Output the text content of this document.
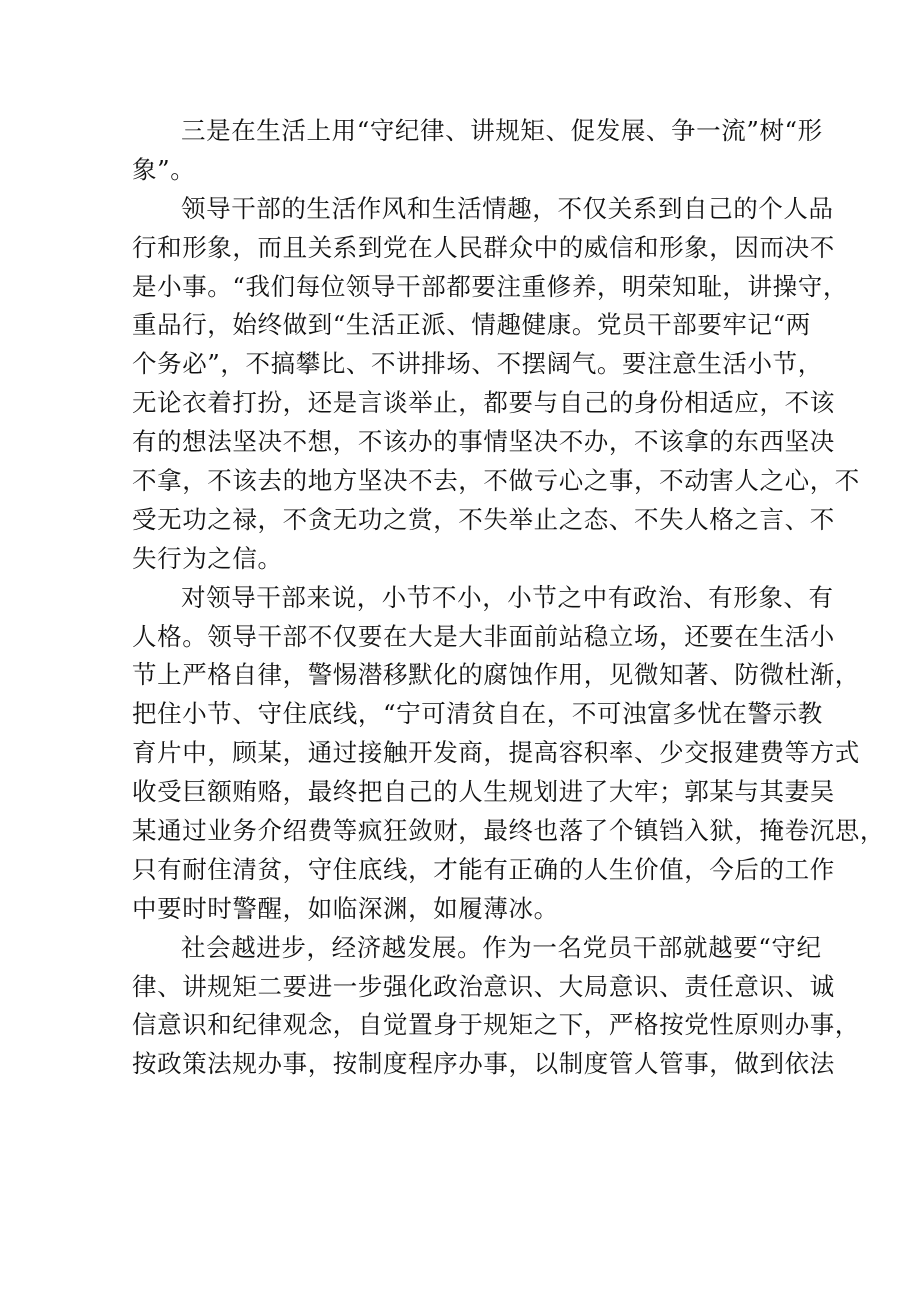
三是在生活上用“守纪律、讲规矩、促发展、争一流”树“形
象”。
领导干部的生活作风和生活情趣，不仅关系到自己的个人品
行和形象，而且关系到党在人民群众中的威信和形象，因而决不
是小事。“我们每位领导干部都要注重修养，明荣知耻，讲操守，
重品行，始终做到“生活正派、情趣健康。党员干部要牢记“两
个务必”，不搞攀比、不讲排场、不摆阔气。要注意生活小节，
无论衣着打扮，还是言谈举止，都要与自己的身份相适应，不该
有的想法坚决不想，不该办的事情坚决不办，不该拿的东西坚决
不拿，不该去的地方坚决不去，不做亏心之事，不动害人之心，不
受无功之禄，不贪无功之赏，不失举止之态、不失人格之言、不
失行为之信。
对领导干部来说，小节不小，小节之中有政治、有形象、有
人格。领导干部不仅要在大是大非面前站稳立场，还要在生活小
节上严格自律，警惕潜移默化的腐蚀作用，见微知著、防微杜渐，
把住小节、守住底线，“宁可清贫自在，不可浊富多忧在警示教
育片中，顾某，通过接触开发商，提高容积率、少交报建费等方式
收受巨额贿赂，最终把自己的人生规划进了大牢；郭某与其妻吴
某通过业务介绍费等疯狂敛财，最终也落了个镇铛入狱，掩卷沉思，
只有耐住清贫，守住底线，才能有正确的人生价值，今后的工作
中要时时警醒，如临深渊，如履薄冰。
社会越进步，经济越发展。作为一名党员干部就越要“守纪
律、讲规矩二要进一步强化政治意识、大局意识、责任意识、诚
信意识和纪律观念，自觉置身于规矩之下，严格按党性原则办事，
按政策法规办事，按制度程序办事，以制度管人管事，做到依法
